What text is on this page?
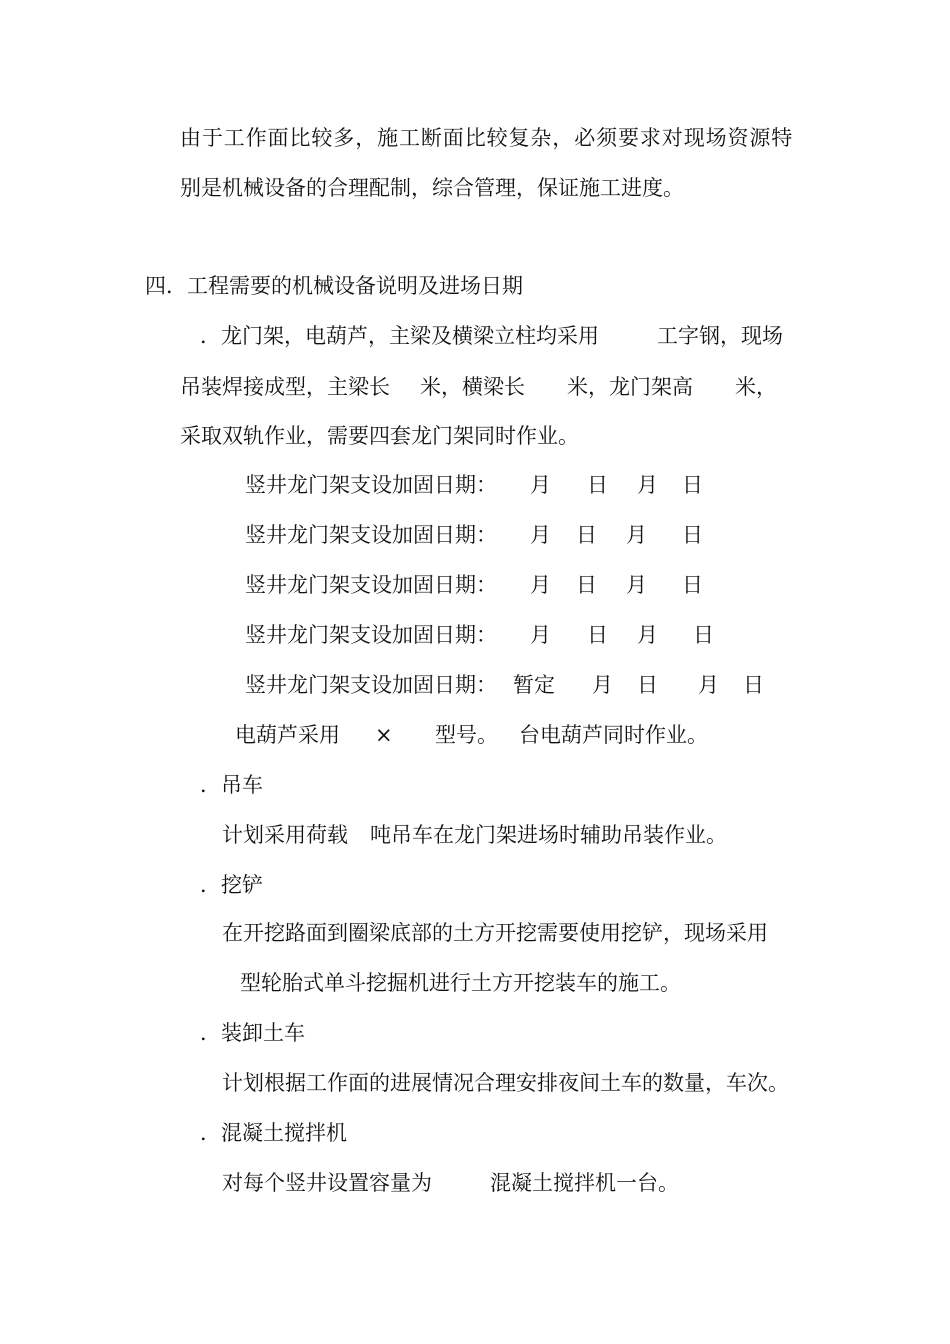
由于工作面比较多，施工断面比较复杂，必须要求对现场资源特
别是机械设备的合理配制，综合管理，保证施工进度。
四．工程需要的机械设备说明及进场日期
．龙门架，电葫芦，主梁及横梁立柱均采用	工字钢，现场
吊装焊接成型，主梁长 米，横梁长 米，龙门架高 米，
采取双轨作业，需要四套龙门架同时作业。
竖井龙门架支设加固日期： 月 日 月 日
竖井龙门架支设加固日期： 月 日 月 日
竖井龙门架支设加固日期： 月 日 月 日
竖井龙门架支设加固日期： 月 日 月 日
竖井龙门架支设加固日期： 暂定 月 日 月 日
电葫芦采用 × 型号。 台电葫芦同时作业。
．吊车
计划采用荷载 吨吊车在龙门架进场时辅助吊装作业。
．挖铲
在开挖路面到圈梁底部的土方开挖需要使用挖铲，现场采用
型轮胎式单斗挖掘机进行土方开挖装车的施工。
．装卸土车
计划根据工作面的进展情况合理安排夜间土车的数量，车次。
．混凝土搅拌机
对每个竖井设置容量为	混凝土搅拌机一台。
